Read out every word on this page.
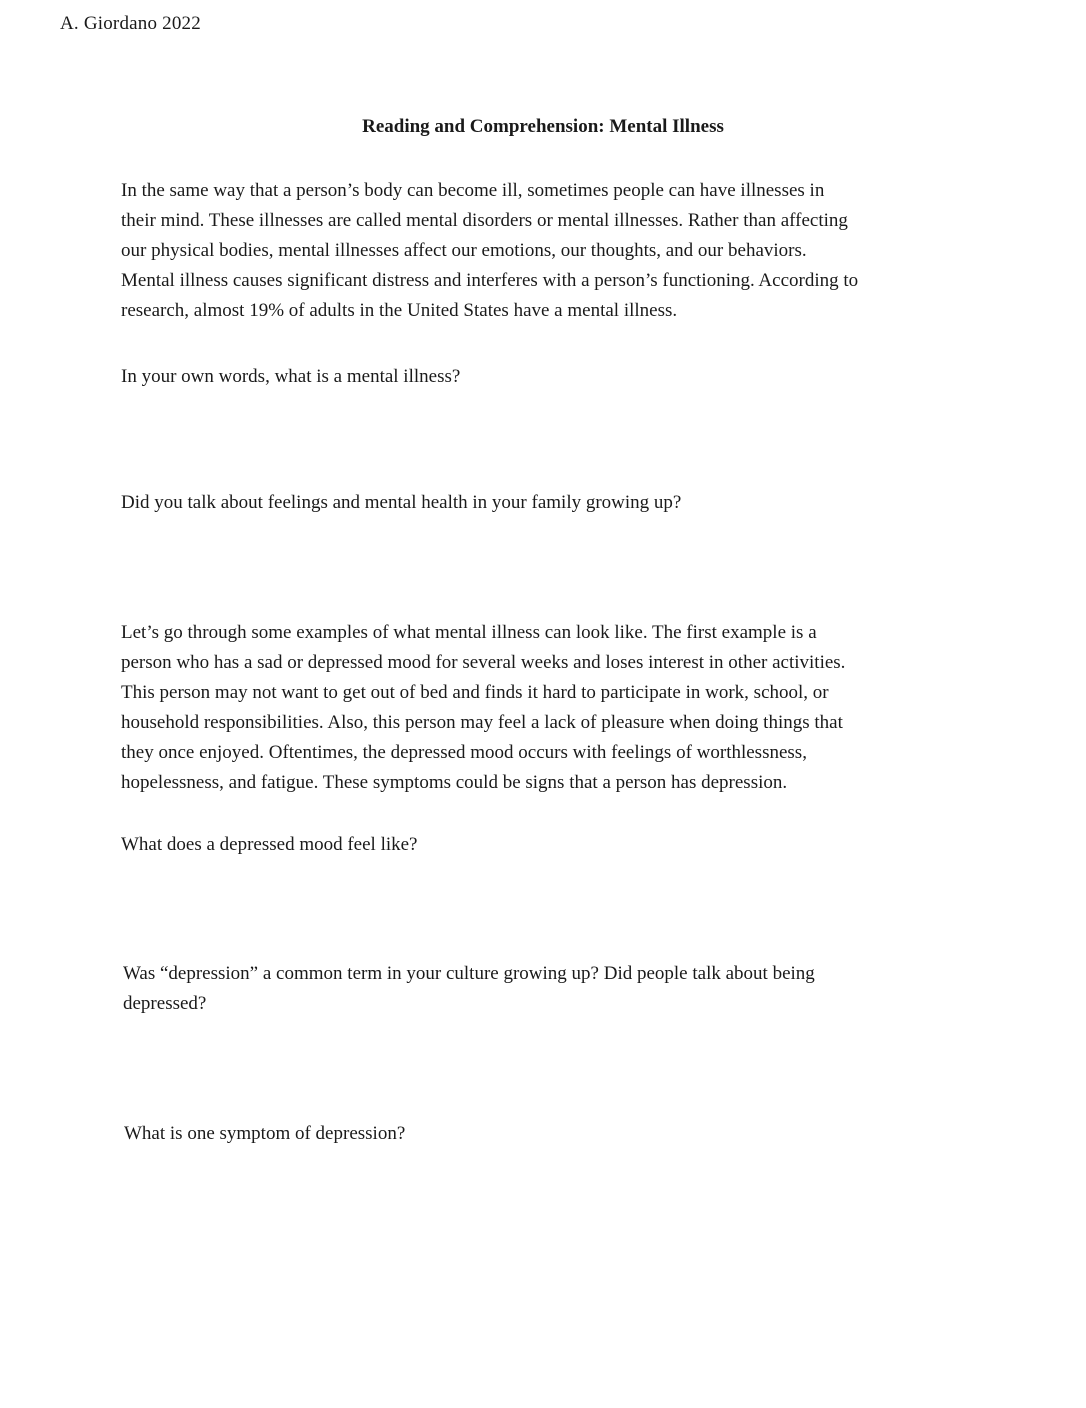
A. Giordano 2022
Reading and Comprehension: Mental Illness
In the same way that a person’s body can become ill, sometimes people can have illnesses in
their mind. These illnesses are called mental disorders or mental illnesses. Rather than affecting
our physical bodies, mental illnesses affect our emotions, our thoughts, and our behaviors.
Mental illness causes significant distress and interferes with a person’s functioning. According to
research, almost 19% of adults in the United States have a mental illness.
In your own words, what is a mental illness?
Did you talk about feelings and mental health in your family growing up?
Let’s go through some examples of what mental illness can look like. The first example is a
person who has a sad or depressed mood for several weeks and loses interest in other activities.
This person may not want to get out of bed and finds it hard to participate in work, school, or
household responsibilities. Also, this person may feel a lack of pleasure when doing things that
they once enjoyed. Oftentimes, the depressed mood occurs with feelings of worthlessness,
hopelessness, and fatigue. These symptoms could be signs that a person has depression.
What does a depressed mood feel like?
Was “depression” a common term in your culture growing up? Did people talk about being
depressed?
What is one symptom of depression?
